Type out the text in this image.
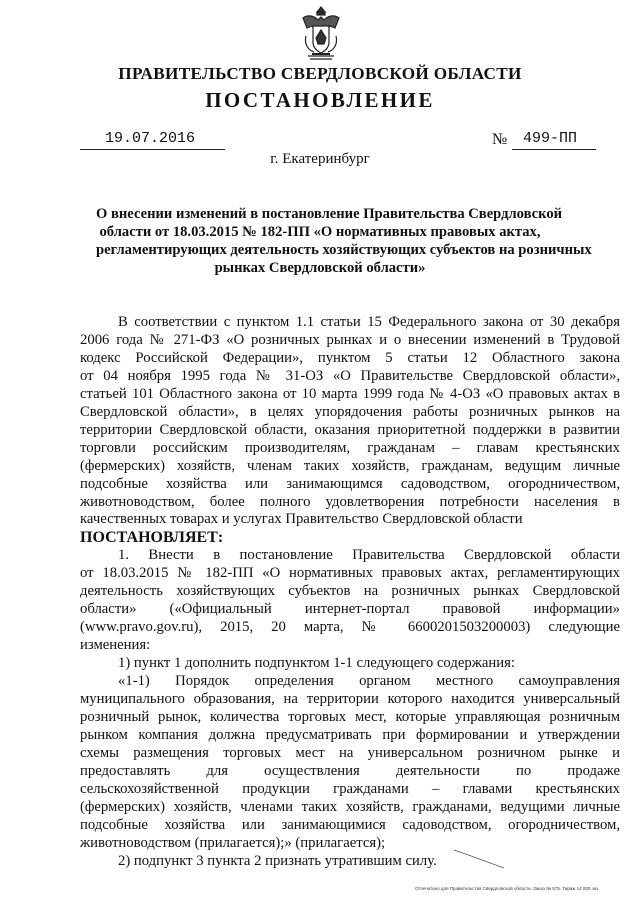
ПРАВИТЕЛЬСТВО СВЕРДЛОВСКОЙ ОБЛАСТИ
ПОСТАНОВЛЕНИЕ
19.07.2016	№ 499-ПП
г. Екатеринбург
О внесении изменений в постановление Правительства Свердловской
области от 18.03.2015 № 182-ПП «О нормативных правовых актах,
регламентирующих деятельность хозяйствующих субъектов на розничных
рынках Свердловской области»
В соответствии с пунктом 1.1 статьи 15 Федерального закона от 30 декабря
2006 года № 271-ФЗ «О розничных рынках и о внесении изменений в Трудовой
кодекс Российской Федерации», пунктом 5 статьи 12 Областного закона
от 04 ноября 1995 года № 31-ОЗ «О Правительстве Свердловской области»,
статьей 101 Областного закона от 10 марта 1999 года № 4-ОЗ «О правовых актах в
Свердловской области», в целях упорядочения работы розничных рынков на
территории Свердловской области, оказания приоритетной поддержки в развитии
торговли российским производителям, гражданам – главам крестьянских
(фермерских) хозяйств, членам таких хозяйств, гражданам, ведущим личные
подсобные хозяйства или занимающимся садоводством, огородничеством,
животноводством, более полного удовлетворения потребности населения в
качественных товарах и услугах Правительство Свердловской области
ПОСТАНОВЛЯЕТ:
1. Внести в постановление Правительства Свердловской области
от 18.03.2015 № 182-ПП «О нормативных правовых актах, регламентирующих
деятельность хозяйствующих субъектов на розничных рынках Свердловской
области» («Официальный интернет-портал правовой информации»
(www.pravo.gov.ru), 2015, 20 марта, № 6600201503200003) следующие
изменения:
1) пункт 1 дополнить подпунктом 1-1 следующего содержания:
«1-1) Порядок определения органом местного самоуправления
муниципального образования, на территории которого находится универсальный
розничный рынок, количества торговых мест, которые управляющая розничным
рынком компания должна предусматривать при формировании и утверждении
схемы размещения торговых мест на универсальном розничном рынке и
предоставлять для осуществления деятельности по продаже
сельскохозяйственной продукции гражданами – главами крестьянских
(фермерских) хозяйств, членами таких хозяйств, гражданами, ведущими личные
подсобные хозяйства или занимающимися садоводством, огородничеством,
животноводством (прилагается);» (прилагается);
2) подпункт 3 пункта 2 признать утратившим силу.
Отпечатано для Правительства Свердловской области. Заказ № 575. Тираж 14 000 экз.
